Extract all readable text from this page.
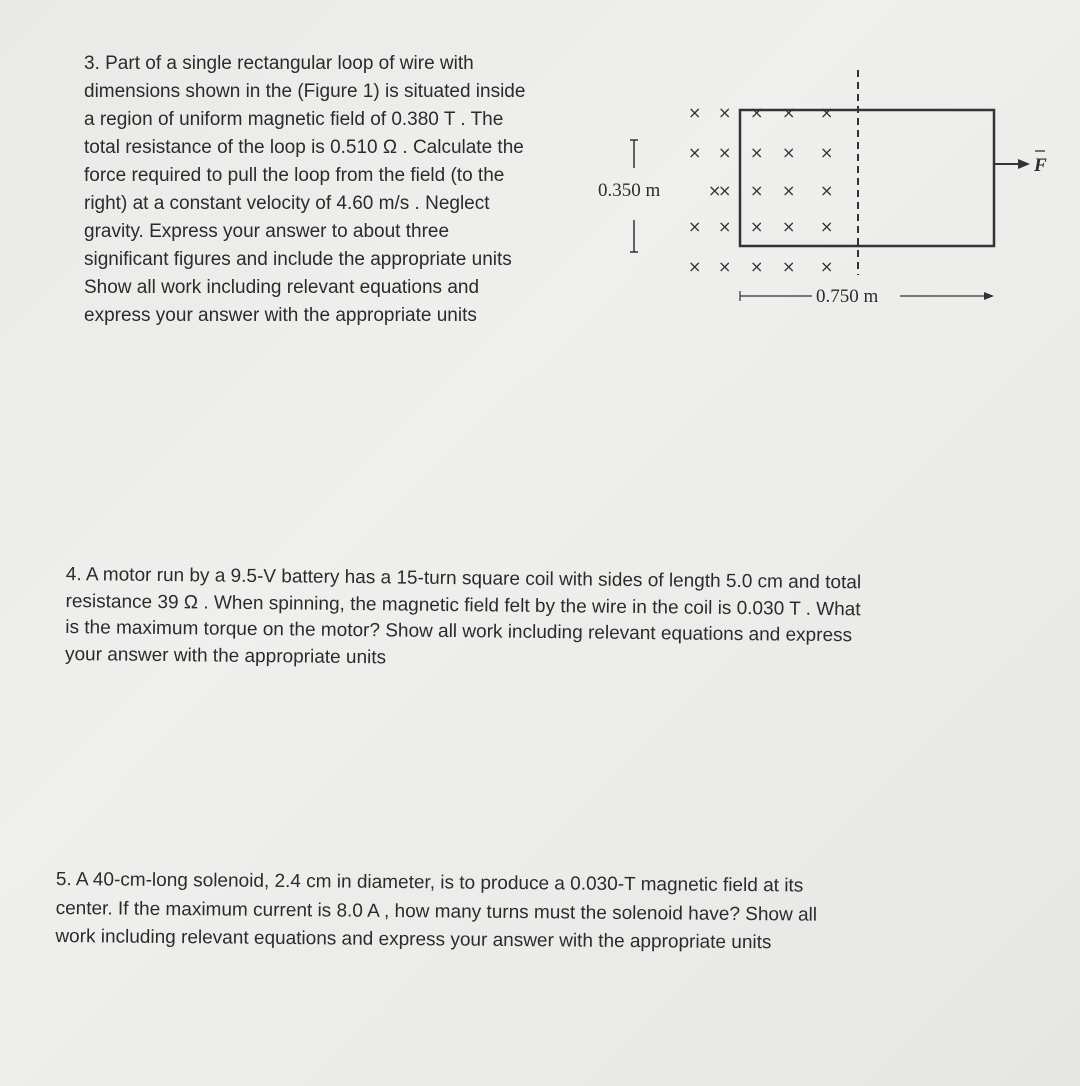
3. Part of a single rectangular loop of wire with
dimensions shown in the (Figure 1) is situated inside
a region of uniform magnetic field of 0.380 T . The
total resistance of the loop is 0.510 Ω . Calculate the
force required to pull the loop from the field (to the
right) at a constant velocity of 4.60 m/s . Neglect
gravity. Express your answer to about three
significant figures and include the appropriate units
Show all work including relevant equations and
express your answer with the appropriate units

× × × × ×
× × × × ×
×
× × × ×
× × × × ×
× × × × ×
0.350 m
0.750 m
F

4. A motor run by a 9.5-V battery has a 15-turn square coil with sides of length 5.0 cm and total
resistance 39 Ω . When spinning, the magnetic field felt by the wire in the coil is 0.030 T . What
is the maximum torque on the motor? Show all work including relevant equations and express
your answer with the appropriate units

5. A 40-cm-long solenoid, 2.4 cm in diameter, is to produce a 0.030-T magnetic field at its
center. If the maximum current is 8.0 A , how many turns must the solenoid have? Show all
work including relevant equations and express your answer with the appropriate units
